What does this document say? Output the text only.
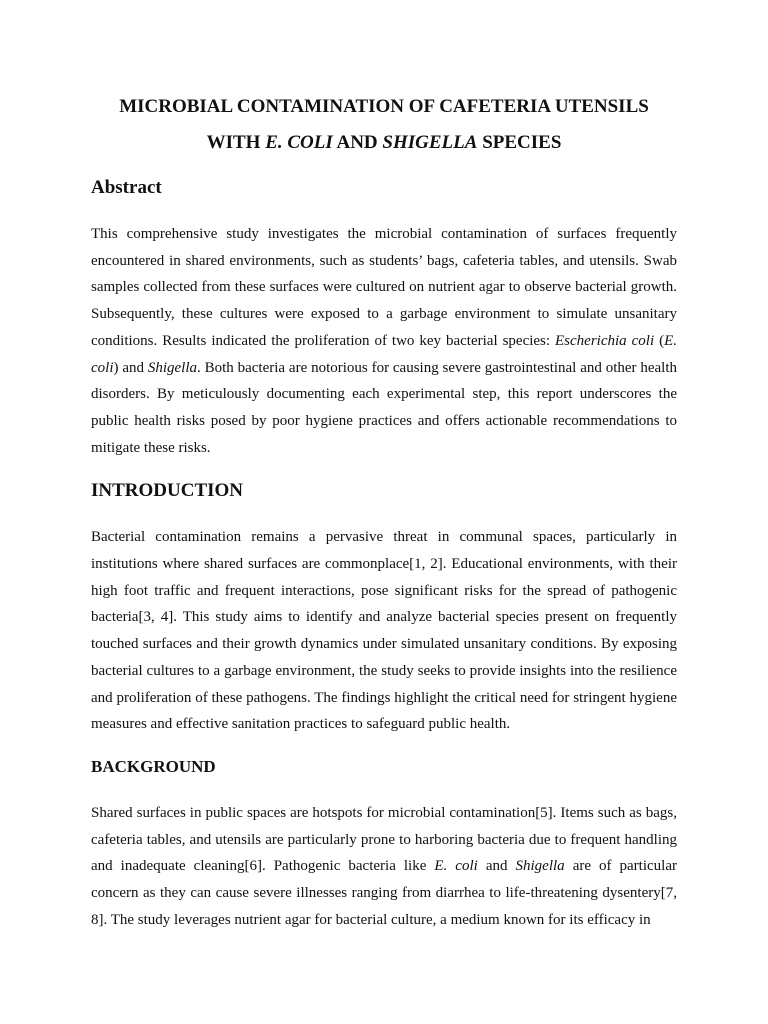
MICROBIAL CONTAMINATION OF CAFETERIA UTENSILS
WITH E. COLI AND SHIGELLA SPECIES
Abstract

This comprehensive study investigates the microbial contamination of surfaces frequently encountered in shared environments, such as students’ bags, cafeteria tables, and utensils. Swab samples collected from these surfaces were cultured on nutrient agar to observe bacterial growth. Subsequently, these cultures were exposed to a garbage environment to simulate unsanitary conditions. Results indicated the proliferation of two key bacterial species: Escherichia coli (E. coli) and Shigella. Both bacteria are notorious for causing severe gastrointestinal and other health disorders. By meticulously documenting each experimental step, this report underscores the public health risks posed by poor hygiene practices and offers actionable recommendations to mitigate these risks.

INTRODUCTION

Bacterial contamination remains a pervasive threat in communal spaces, particularly in institutions where shared surfaces are commonplace[1, 2]. Educational environments, with their high foot traffic and frequent interactions, pose significant risks for the spread of pathogenic bacteria[3, 4]. This study aims to identify and analyze bacterial species present on frequently touched surfaces and their growth dynamics under simulated unsanitary conditions. By exposing bacterial cultures to a garbage environment, the study seeks to provide insights into the resilience and proliferation of these pathogens. The findings highlight the critical need for stringent hygiene measures and effective sanitation practices to safeguard public health.

BACKGROUND

Shared surfaces in public spaces are hotspots for microbial contamination[5]. Items such as bags, cafeteria tables, and utensils are particularly prone to harboring bacteria due to frequent handling and inadequate cleaning[6]. Pathogenic bacteria like E. coli and Shigella are of particular concern as they can cause severe illnesses ranging from diarrhea to life-threatening dysentery[7, 8]. The study leverages nutrient agar for bacterial culture, a medium known for its efficacy in
